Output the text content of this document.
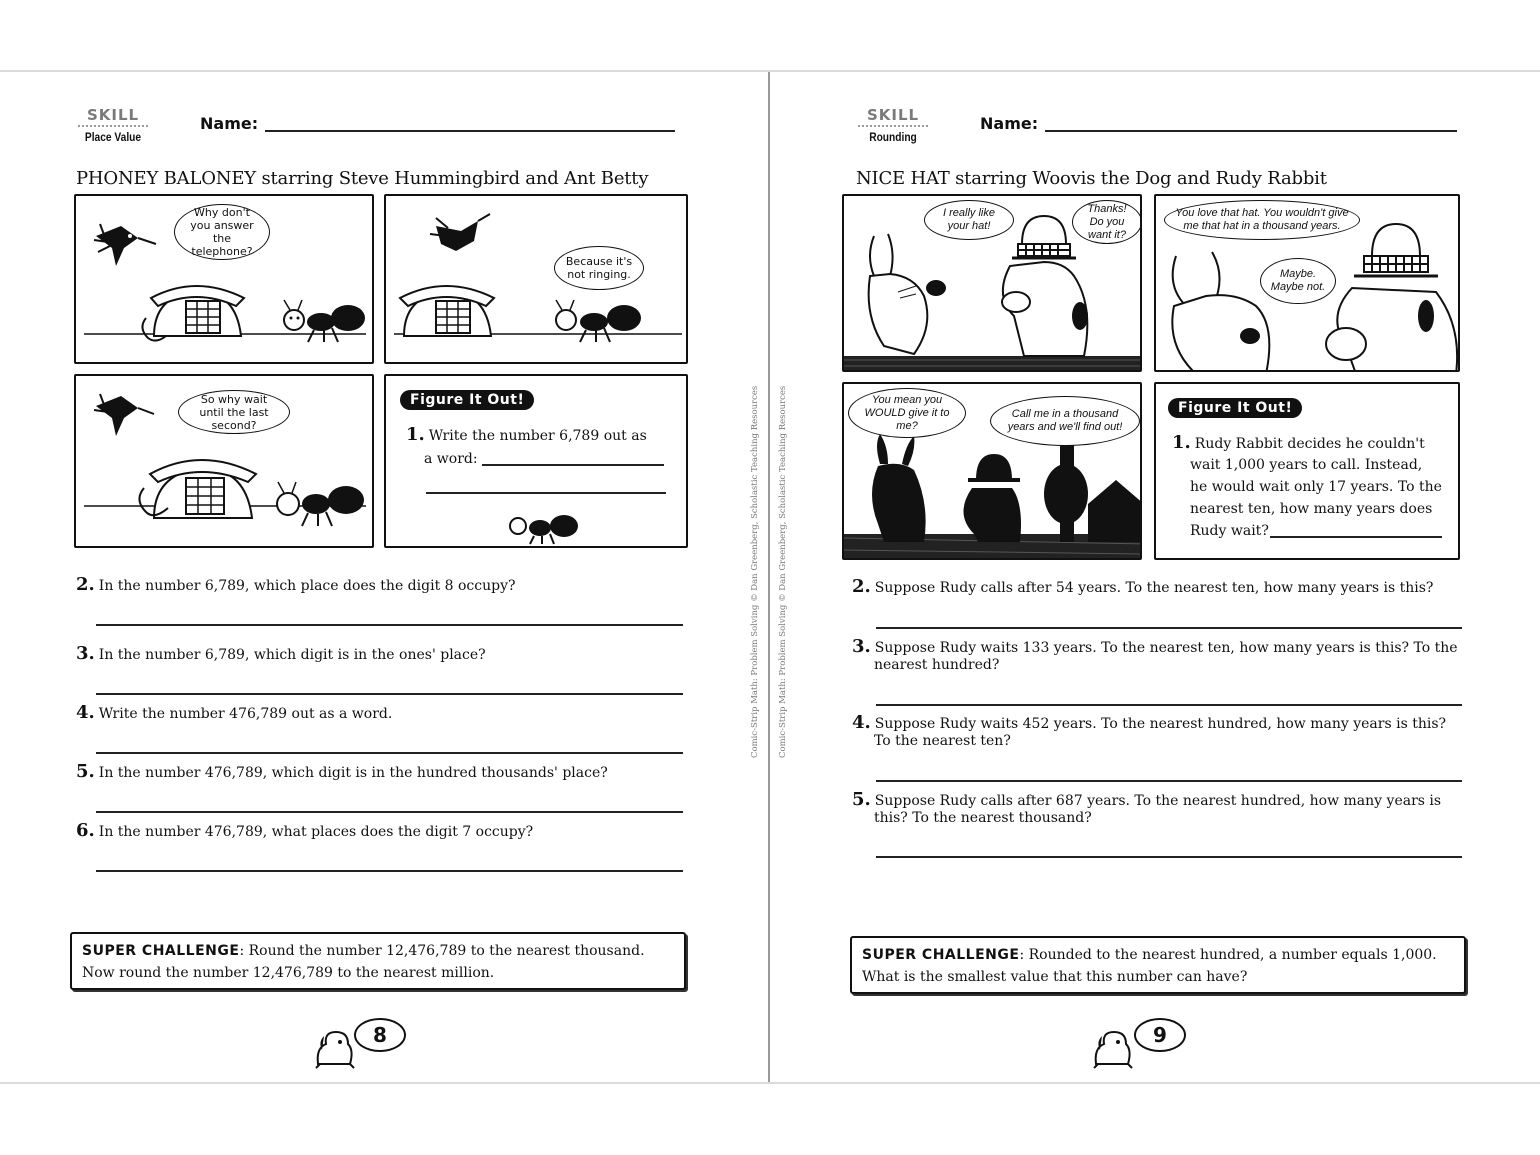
SKILL
Place Value
Name:
PHONEY BALONEY starring Steve Hummingbird and Ant Betty
Why don't you answer the telephone?
Because it's not ringing.
So why wait until the last second?
Figure It Out!
1. Write the number 6,789 out as
a word:
2. In the number 6,789, which place does the digit 8 occupy?
3. In the number 6,789, which digit is in the ones' place?
4. Write the number 476,789 out as a word.
5. In the number 476,789, which digit is in the hundred thousands' place?
6. In the number 476,789, what places does the digit 7 occupy?
SUPER CHALLENGE: Round the number 12,476,789 to the nearest thousand.
Now round the number 12,476,789 to the nearest million.
8
Comic-Strip Math: Problem Solving © Dan Greenberg, Scholastic Teaching Resources Comic-Strip Math: Problem Solving © Dan Greenberg, Scholastic Teaching Resources
SKILL
Rounding
Name:
NICE HAT starring Woovis the Dog and Rudy Rabbit
I really like your hat!
Thanks! Do you want it?
You love that hat. You wouldn't give me that hat in a thousand years.
Maybe. Maybe not.
You mean you WOULD give it to me?
Call me in a thousand years and we'll find out!
Figure It Out!
1. Rudy Rabbit decides he couldn't
wait 1,000 years to call. Instead,
he would wait only 17 years. To the
nearest ten, how many years does
Rudy wait?
2. Suppose Rudy calls after 54 years. To the nearest ten, how many years is this?
3. Suppose Rudy waits 133 years. To the nearest ten, how many years is this? To the nearest hundred?
4. Suppose Rudy waits 452 years. To the nearest hundred, how many years is this? To the nearest ten?
5. Suppose Rudy calls after 687 years. To the nearest hundred, how many years is this? To the nearest thousand?
SUPER CHALLENGE: Rounded to the nearest hundred, a number equals 1,000.
What is the smallest value that this number can have?
9
